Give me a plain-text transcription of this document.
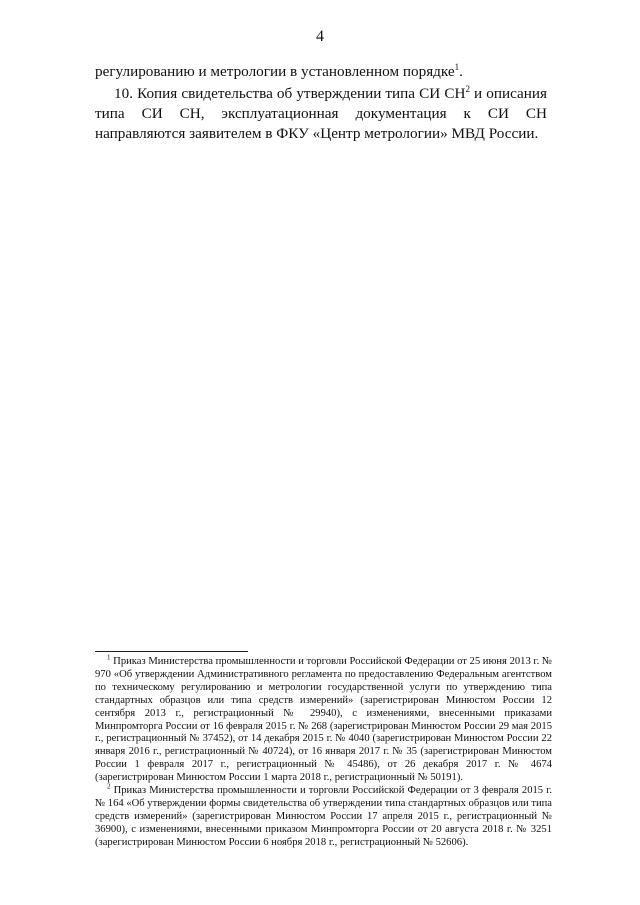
4

регулированию и метрологии в установленном порядке$^1$.

10. Копия свидетельства об утверждении типа СИ $СН^2$ и описания типа СИ СН, эксплуатационная документация к СИ СН направляются заявителем в ФКУ «Центр метрологии» МВД России.

$^1$ Приказ Министерства промышленности и торговли Российской Федерации от 25 июня 2013 г. № 970 «Об утверждении Административного регламента по предоставлению Федеральным агентством по техническому регулированию и метрологии государственной услуги по утверждению типа стандартных образцов или типа средств измерений» (зарегистрирован Минюстом России 12 сентября 2013 г., регистрационный № 29940), с изменениями, внесенными приказами Минпромторга России от 16 февраля 2015 г. № 268 (зарегистрирован Минюстом России 29 мая 2015 г., регистрационный № 37452), от 14 декабря 2015 г. № 4040 (зарегистрирован Минюстом России 22 января 2016 г., регистрационный № 40724), от 16 января 2017 г. № 35 (зарегистрирован Минюстом России 1 февраля 2017 г., регистрационный № 45486), от 26 декабря 2017 г. № 4674 (зарегистрирован Минюстом России 1 марта 2018 г., регистрационный № 50191).

$^2$ Приказ Министерства промышленности и торговли Российской Федерации от 3 февраля 2015 г. № 164 «Об утверждении формы свидетельства об утверждении типа стандартных образцов или типа средств измерений» (зарегистрирован Минюстом России 17 апреля 2015 г., регистрационный № 36900), с изменениями, внесенными приказом Минпромторга России от 20 августа 2018 г. № 3251 (зарегистрирован Минюстом России 6 ноября 2018 г., регистрационный № 52606).
